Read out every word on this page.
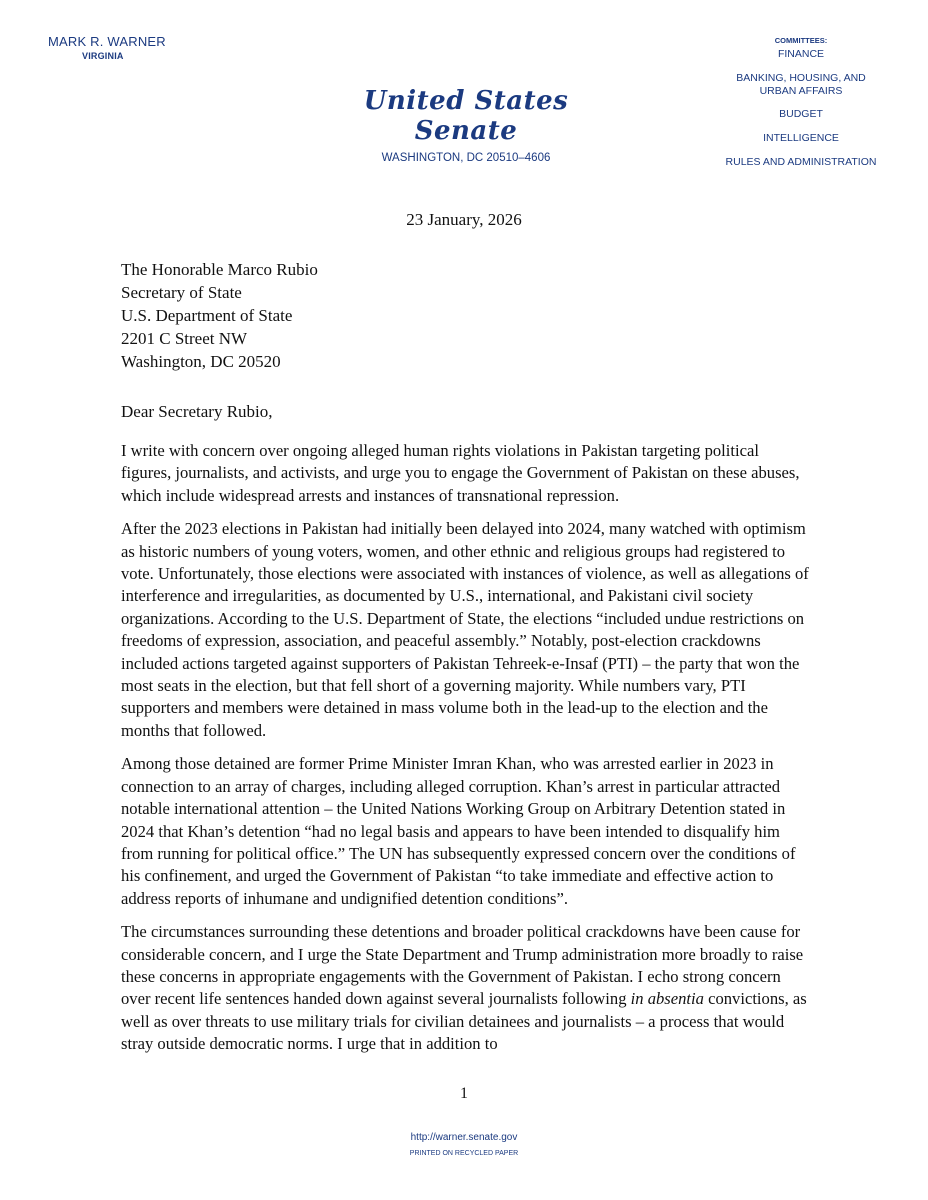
MARK R. WARNER
VIRGINIA
United States Senate
WASHINGTON, DC 20510–4606
COMMITTEES:
FINANCE
BANKING, HOUSING, AND
URBAN AFFAIRS
BUDGET
INTELLIGENCE
RULES AND ADMINISTRATION
23 January, 2026
The Honorable Marco Rubio
Secretary of State
U.S. Department of State
2201 C Street NW
Washington, DC 20520
Dear Secretary Rubio,

I write with concern over ongoing alleged human rights violations in Pakistan targeting political figures, journalists, and activists, and urge you to engage the Government of Pakistan on these abuses, which include widespread arrests and instances of transnational repression.

After the 2023 elections in Pakistan had initially been delayed into 2024, many watched with optimism as historic numbers of young voters, women, and other ethnic and religious groups had registered to vote. Unfortunately, those elections were associated with instances of violence, as well as allegations of interference and irregularities, as documented by U.S., international, and Pakistani civil society organizations. According to the U.S. Department of State, the elections “included undue restrictions on freedoms of expression, association, and peaceful assembly.” Notably, post-election crackdowns included actions targeted against supporters of Pakistan Tehreek-e-Insaf (PTI) – the party that won the most seats in the election, but that fell short of a governing majority. While numbers vary, PTI supporters and members were detained in mass volume both in the lead-up to the election and the months that followed.

Among those detained are former Prime Minister Imran Khan, who was arrested earlier in 2023 in connection to an array of charges, including alleged corruption. Khan’s arrest in particular attracted notable international attention – the United Nations Working Group on Arbitrary Detention stated in 2024 that Khan’s detention “had no legal basis and appears to have been intended to disqualify him from running for political office.” The UN has subsequently expressed concern over the conditions of his confinement, and urged the Government of Pakistan “to take immediate and effective action to address reports of inhumane and undignified detention conditions”.

The circumstances surrounding these detentions and broader political crackdowns have been cause for considerable concern, and I urge the State Department and Trump administration more broadly to raise these concerns in appropriate engagements with the Government of Pakistan. I echo strong concern over recent life sentences handed down against several journalists following in absentia convictions, as well as over threats to use military trials for civilian detainees and journalists – a process that would stray outside democratic norms. I urge that in addition to

1
http://warner.senate.gov
PRINTED ON RECYCLED PAPER
